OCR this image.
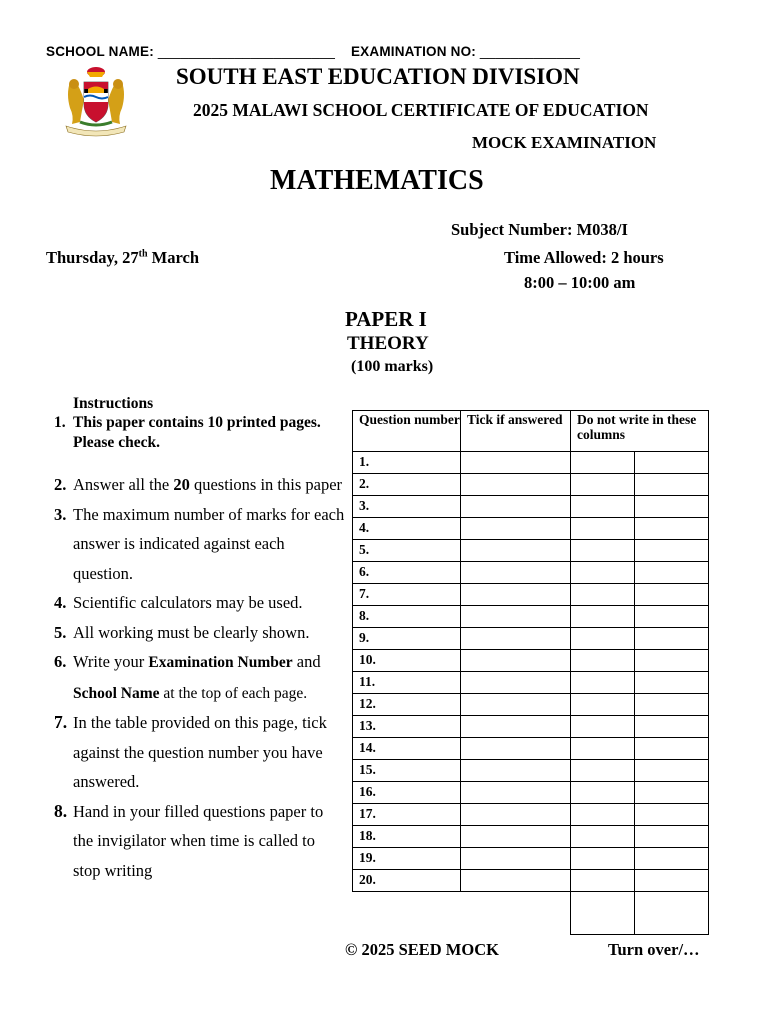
SCHOOL NAME: _______________________ EXAMINATION NO: _____________
SOUTH EAST EDUCATION DIVISION
2025 MALAWI SCHOOL CERTIFICATE OF EDUCATION
MOCK EXAMINATION
MATHEMATICS
Subject Number: M038/I
Thursday, 27th March	Time Allowed: 2 hours
8:00 – 10:00 am
PAPER I
THEORY
(100 marks)
Instructions
1. This paper contains 10 printed pages. Please check.
2. Answer all the 20 questions in this paper
3. The maximum number of marks for each answer is indicated against each question.
4. Scientific calculators may be used.
5. All working must be clearly shown.
6. Write your Examination Number and School Name at the top of each page.
7. In the table provided on this page, tick against the question number you have answered.
8. Hand in your filled questions paper to the invigilator when time is called to stop writing
Question number	Tick if answered	Do not write in these columns	
1.			
2.			
3.			
4.			
5.			
6.			
7.			
8.			
9.			
10.			
11.			
12.			
13.			
14.			
15.			
16.			
17.			
18.			
19.			
20.			

© 2025 SEED MOCK	Turn over/…
